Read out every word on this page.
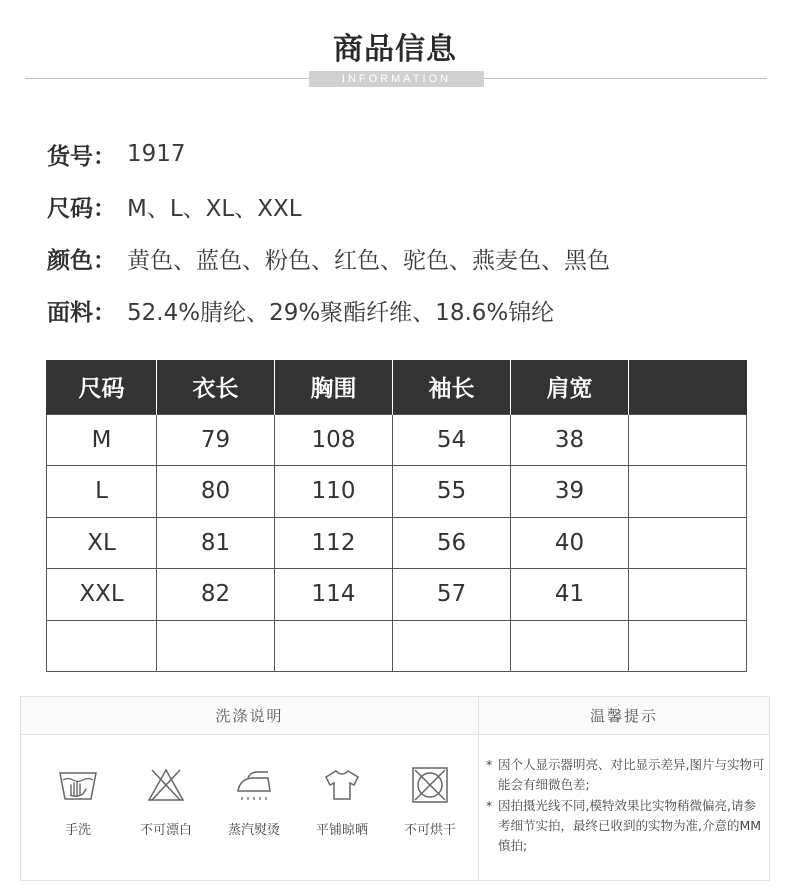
商品信息
INFORMATION
货号： 1917
尺码： M、L、XL、XXL
颜色： 黄色、蓝色、粉色、红色、驼色、燕麦色、黑色
面料： 52.4%腈纶、29%聚酯纤维、18.6%锦纶
尺码	衣长	胸围	袖长	肩宽	
M	79	108	54	38	
L	80	110	55	39	
XL	81	112	56	40	
XXL	82	114	57	41	

洗涤说明
手洗	不可漂白	蒸汽熨烫	平铺晾晒	不可烘干
温馨提示
* 因个人显示器明亮、对比显示差异,图片与实物可能会有细微色差;
* 因拍摄光线不同,模特效果比实物稍微偏亮,请参考细节实拍，最终已收到的实物为准,介意的MM慎拍;
